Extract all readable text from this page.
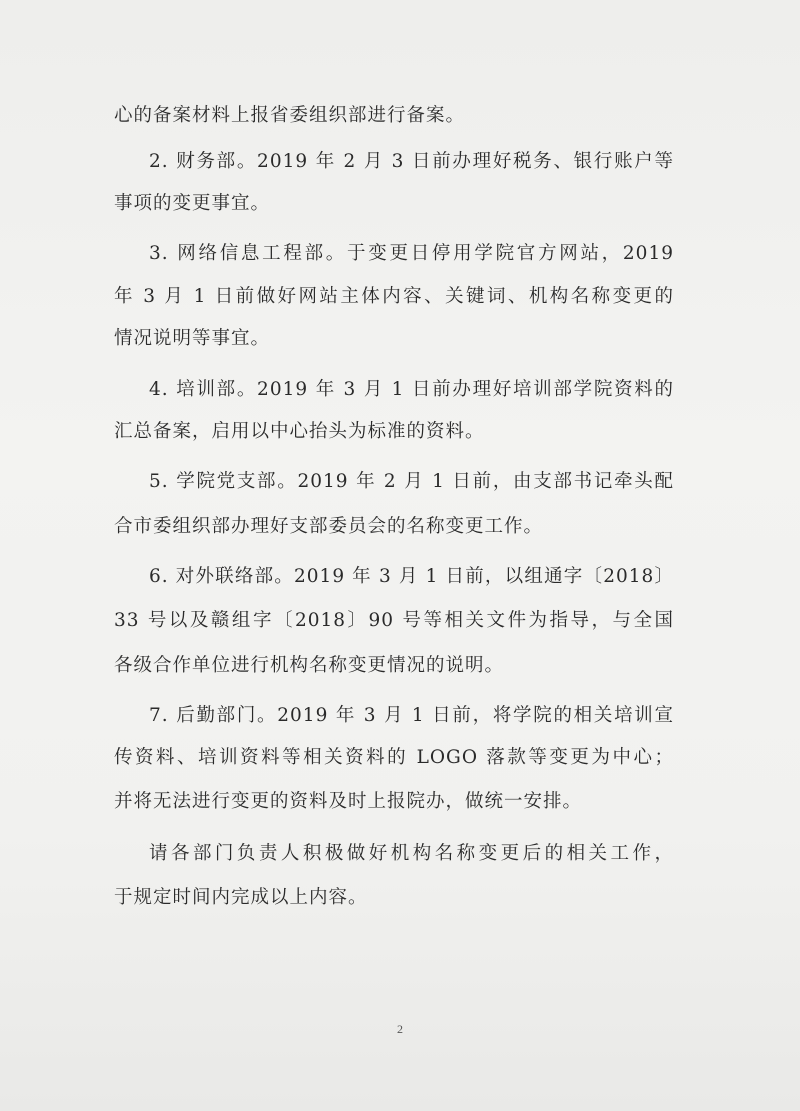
心的备案材料上报省委组织部进行备案。
2. 财务部。2019 年 2 月 3 日前办理好税务、银行账户等
事项的变更事宜。
3. 网络信息工程部。于变更日停用学院官方网站，2019
年 3 月 1 日前做好网站主体内容、关键词、机构名称变更的
情况说明等事宜。
4. 培训部。2019 年 3 月 1 日前办理好培训部学院资料的
汇总备案，启用以中心抬头为标准的资料。
5. 学院党支部。2019 年 2 月 1 日前，由支部书记牵头配
合市委组织部办理好支部委员会的名称变更工作。
6. 对外联络部。2019 年 3 月 1 日前，以组通字〔2018〕
33 号以及赣组字〔2018〕90 号等相关文件为指导，与全国
各级合作单位进行机构名称变更情况的说明。
7. 后勤部门。2019 年 3 月 1 日前，将学院的相关培训宣
传资料、培训资料等相关资料的 LOGO 落款等变更为中心；
并将无法进行变更的资料及时上报院办，做统一安排。
请各部门负责人积极做好机构名称变更后的相关工作，
于规定时间内完成以上内容。
2
